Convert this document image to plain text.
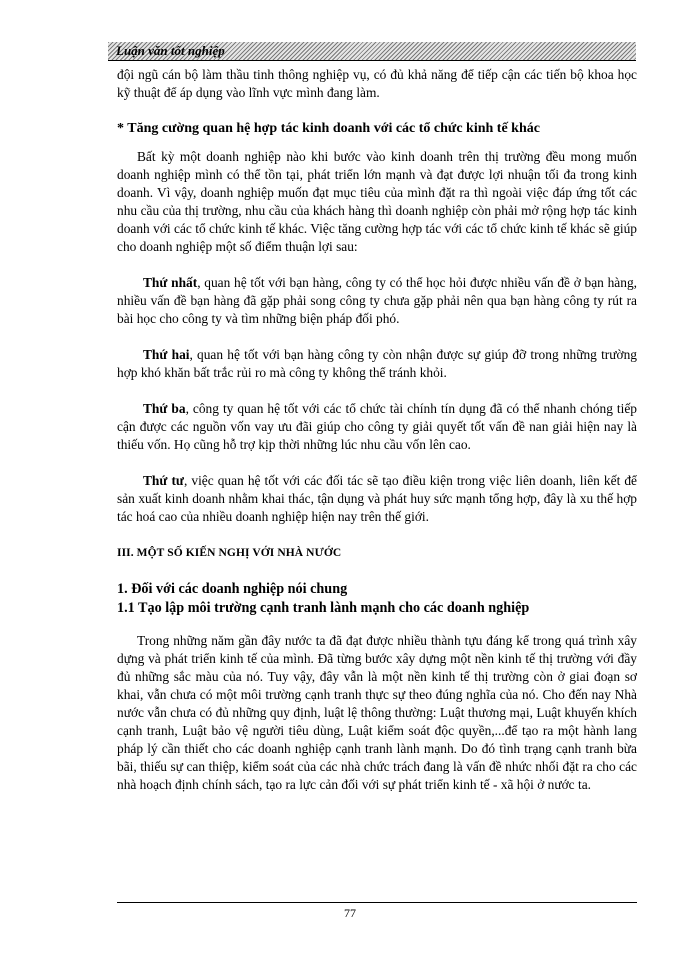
Luận văn tốt nghiệp

đội ngũ cán bộ làm thầu tinh thông nghiệp vụ, có đủ khả năng để tiếp cận các tiến bộ khoa học kỹ thuật để áp dụng vào lĩnh vực mình đang làm.

* Tăng cường quan hệ hợp tác kinh doanh với các tổ chức kinh tế khác

Bất kỳ một doanh nghiệp nào khi bước vào kinh doanh trên thị trường đều mong muốn doanh nghiệp mình có thể tồn tại, phát triển lớn mạnh và đạt được lợi nhuận tối đa trong kinh doanh. Vì vậy, doanh nghiệp muốn đạt mục tiêu của mình đặt ra thì ngoài việc đáp ứng tốt các nhu cầu của thị trường, nhu cầu của khách hàng thì doanh nghiệp còn phải mở rộng hợp tác kinh doanh với các tổ chức kinh tế khác. Việc tăng cường hợp tác với các tổ chức kinh tế khác sẽ giúp cho doanh nghiệp một số điểm thuận lợi sau:

Thứ nhất, quan hệ tốt với bạn hàng, công ty có thể học hỏi được nhiều vấn đề ở bạn hàng, nhiều vấn đề bạn hàng đã gặp phải song công ty chưa gặp phải nên qua bạn hàng công ty rút ra bài học cho công ty và tìm những biện pháp đối phó.

Thứ hai, quan hệ tốt với bạn hàng công ty còn nhận được sự giúp đỡ trong những trường hợp khó khăn bất trắc rủi ro mà công ty không thể tránh khỏi.

Thứ ba, công ty quan hệ tốt với các tổ chức tài chính tín dụng đã có thể nhanh chóng tiếp cận được các nguồn vốn vay ưu đãi giúp cho công ty giải quyết tốt vấn đề nan giải hiện nay là thiếu vốn. Họ cũng hỗ trợ kịp thời những lúc nhu cầu vốn lên cao.

Thứ tư, việc quan hệ tốt với các đối tác sẽ tạo điều kiện trong việc liên doanh, liên kết để sản xuất kinh doanh nhằm khai thác, tận dụng và phát huy sức mạnh tổng hợp, đây là xu thế hợp tác hoá cao của nhiều doanh nghiệp hiện nay trên thế giới.

III. MỘT SỐ KIẾN NGHỊ VỚI NHÀ NƯỚC

1. Đối với các doanh nghiệp nói chung

1.1 Tạo lập môi trường cạnh tranh lành mạnh cho các doanh nghiệp

Trong những năm gần đây nước ta đã đạt được nhiều thành tựu đáng kể trong quá trình xây dựng và phát triển kinh tế của mình. Đã từng bước xây dựng một nền kinh tế thị trường với đầy đủ những sắc màu của nó. Tuy vậy, đây vẫn là một nền kinh tế thị trường còn ở giai đoạn sơ khai, vẫn chưa có một môi trường cạnh tranh thực sự theo đúng nghĩa của nó. Cho đến nay Nhà nước vẫn chưa có đủ những quy định, luật lệ thông thường: Luật thương mại, Luật khuyến khích cạnh tranh, Luật bảo vệ người tiêu dùng, Luật kiểm soát độc quyền,...để tạo ra một hành lang pháp lý cần thiết cho các doanh nghiệp cạnh tranh lành mạnh. Do đó tình trạng cạnh tranh bừa bãi, thiếu sự can thiệp, kiểm soát của các nhà chức trách đang là vấn đề nhức nhối đặt ra cho các nhà hoạch định chính sách, tạo ra lực cản đối với sự phát triển kinh tế - xã hội ở nước ta.

77
